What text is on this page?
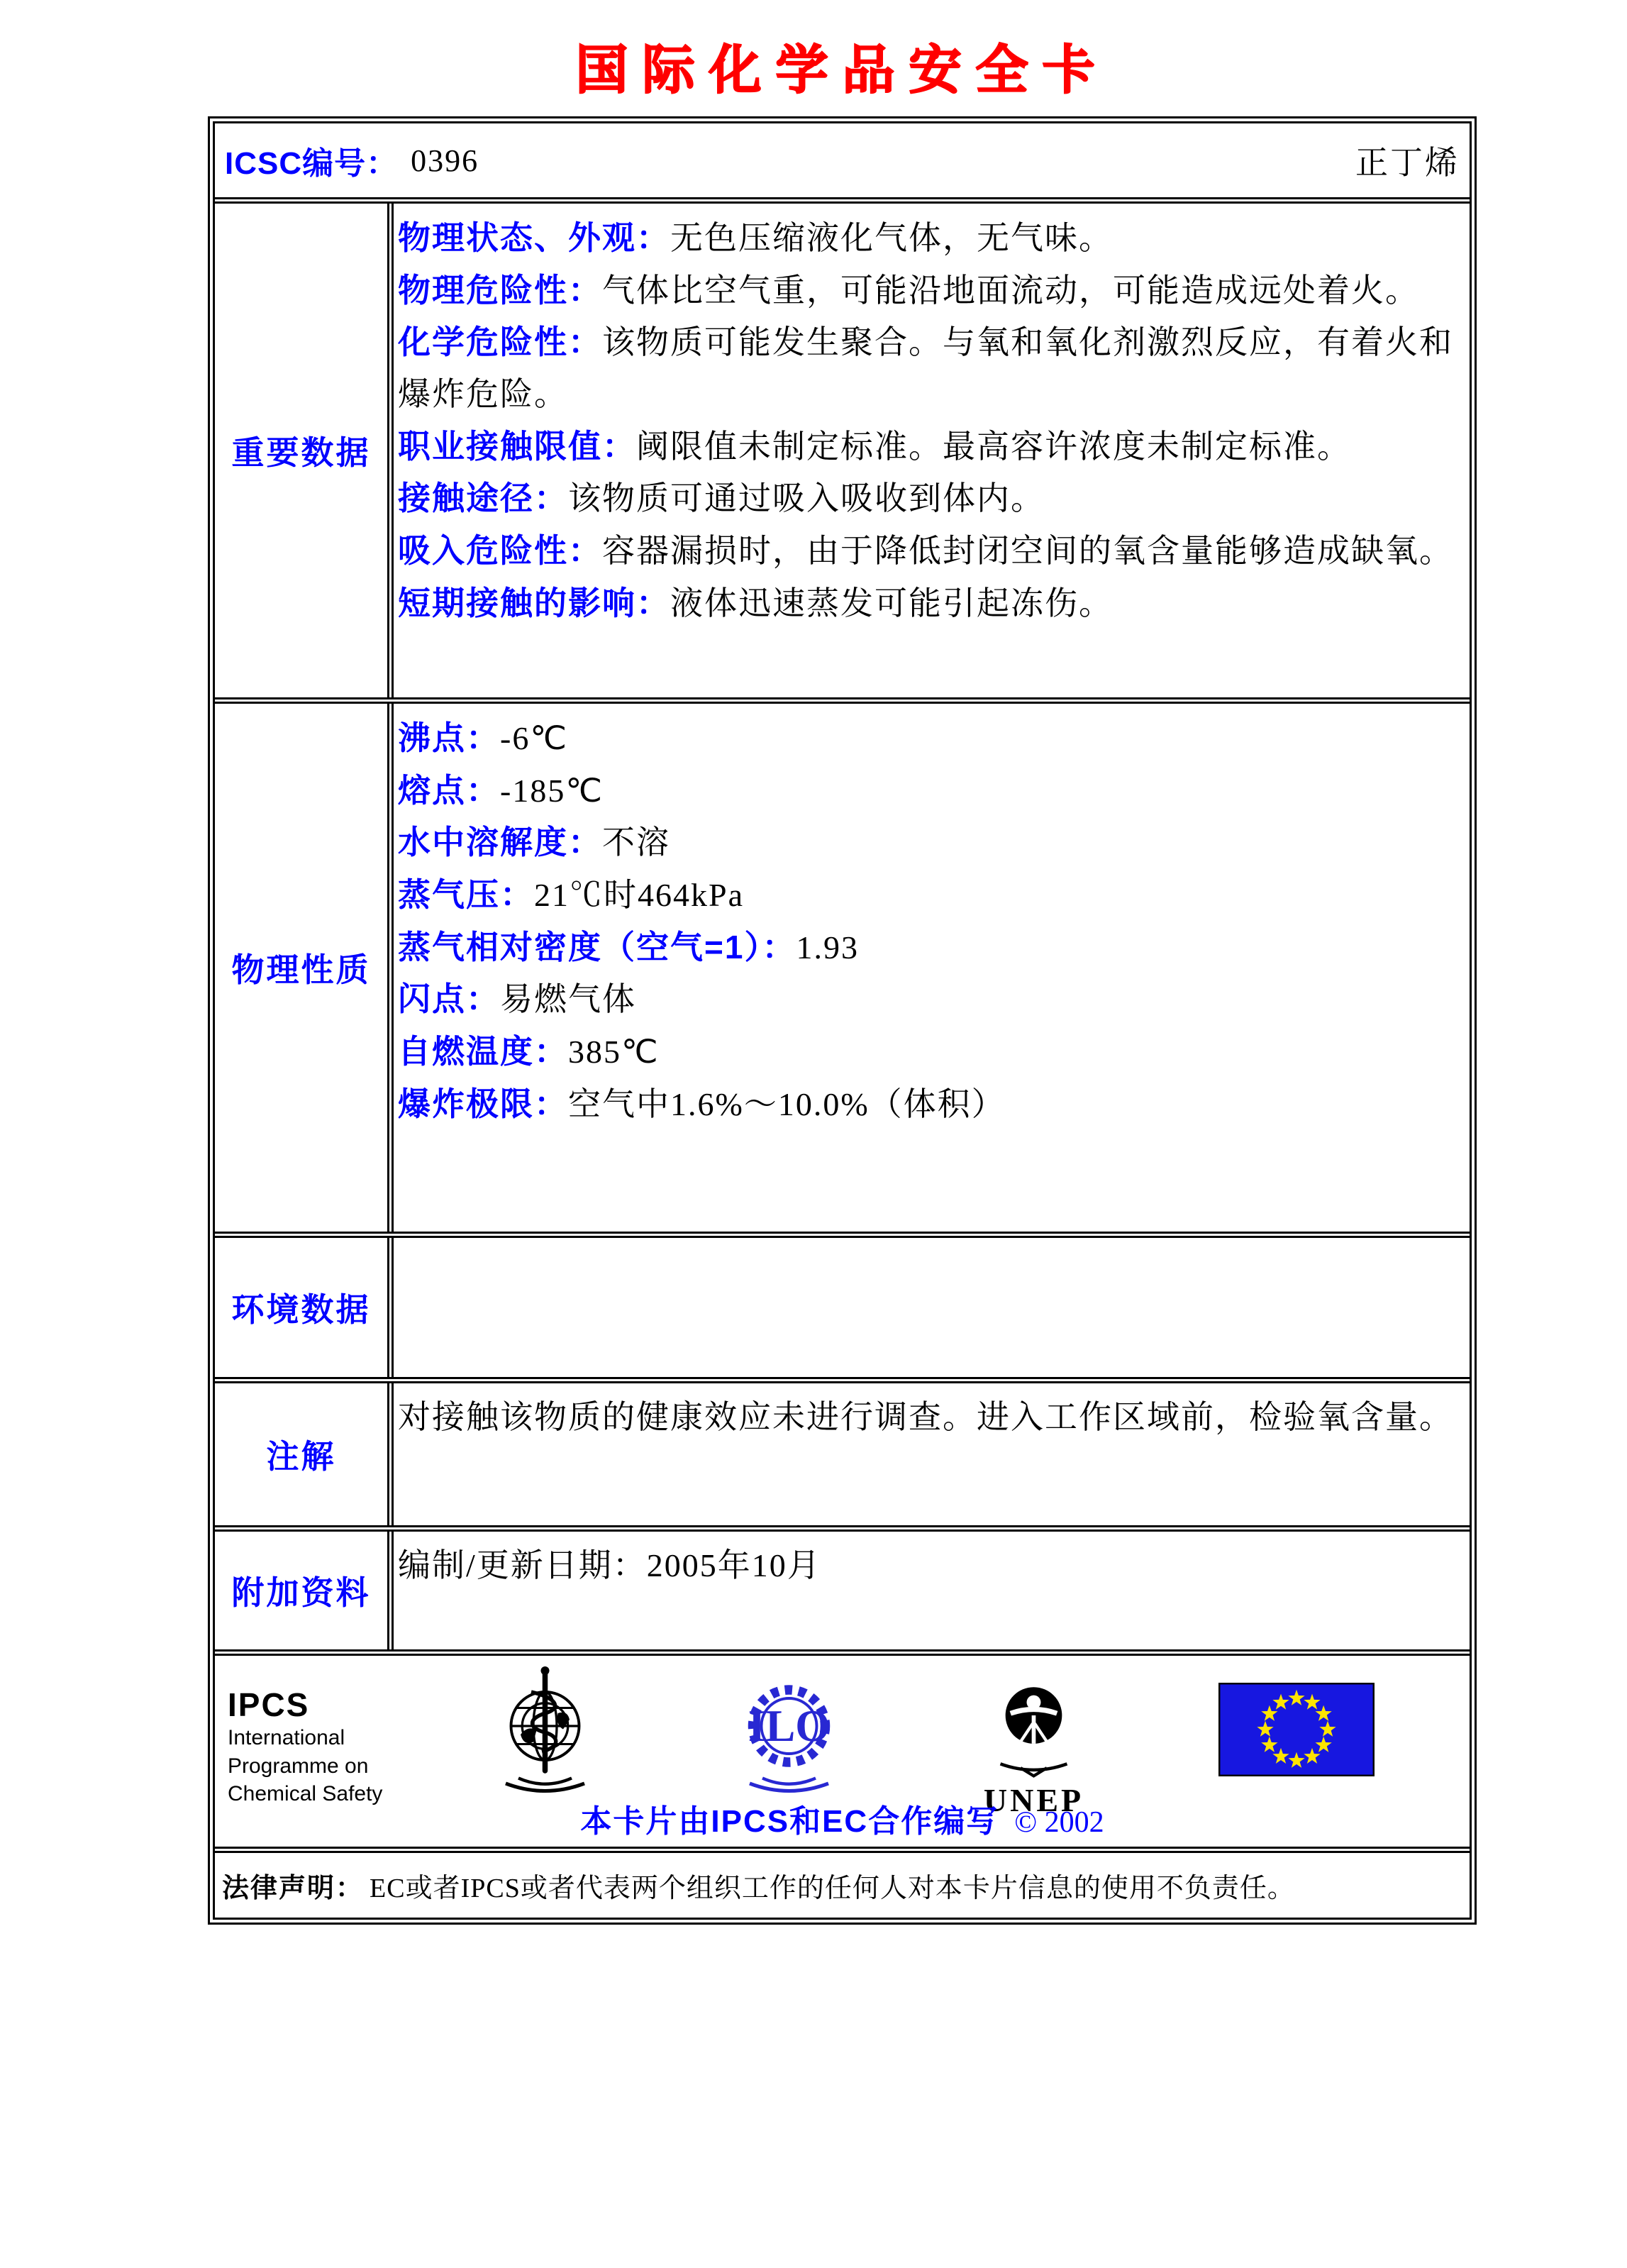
国际化学品安全卡
ICSC编号： 0396	正丁烯
重要数据

物理状态、外观：无色压缩液化气体，无气味。

物理危险性：气体比空气重，可能沿地面流动，可能造成远处着火。

化学危险性：该物质可能发生聚合。与氧和氧化剂激烈反应，有着火和爆炸危险。

职业接触限值：阈限值未制定标准。最高容许浓度未制定标准。

接触途径：该物质可通过吸入吸收到体内。

吸入危险性：容器漏损时，由于降低封闭空间的氧含量能够造成缺氧。

短期接触的影响：液体迅速蒸发可能引起冻伤。

物理性质

沸点：-6℃

熔点：-185℃

水中溶解度：不溶

蒸气压：21℃时464kPa

蒸气相对密度（空气=1）：1.93

闪点：易燃气体

自燃温度：385℃

爆炸极限：空气中1.6%～10.0%（体积）

环境数据
注解

对接触该物质的健康效应未进行调查。进入工作区域前，检验氧含量。

附加资料

编制/更新日期：2005年10月

IPCS
International
Programme on
Chemical Safety
ILO
UNEP
本卡片由IPCS和EC合作编写 © 2002
法律声明： EC或者IPCS或者代表两个组织工作的任何人对本卡片信息的使用不负责任。
